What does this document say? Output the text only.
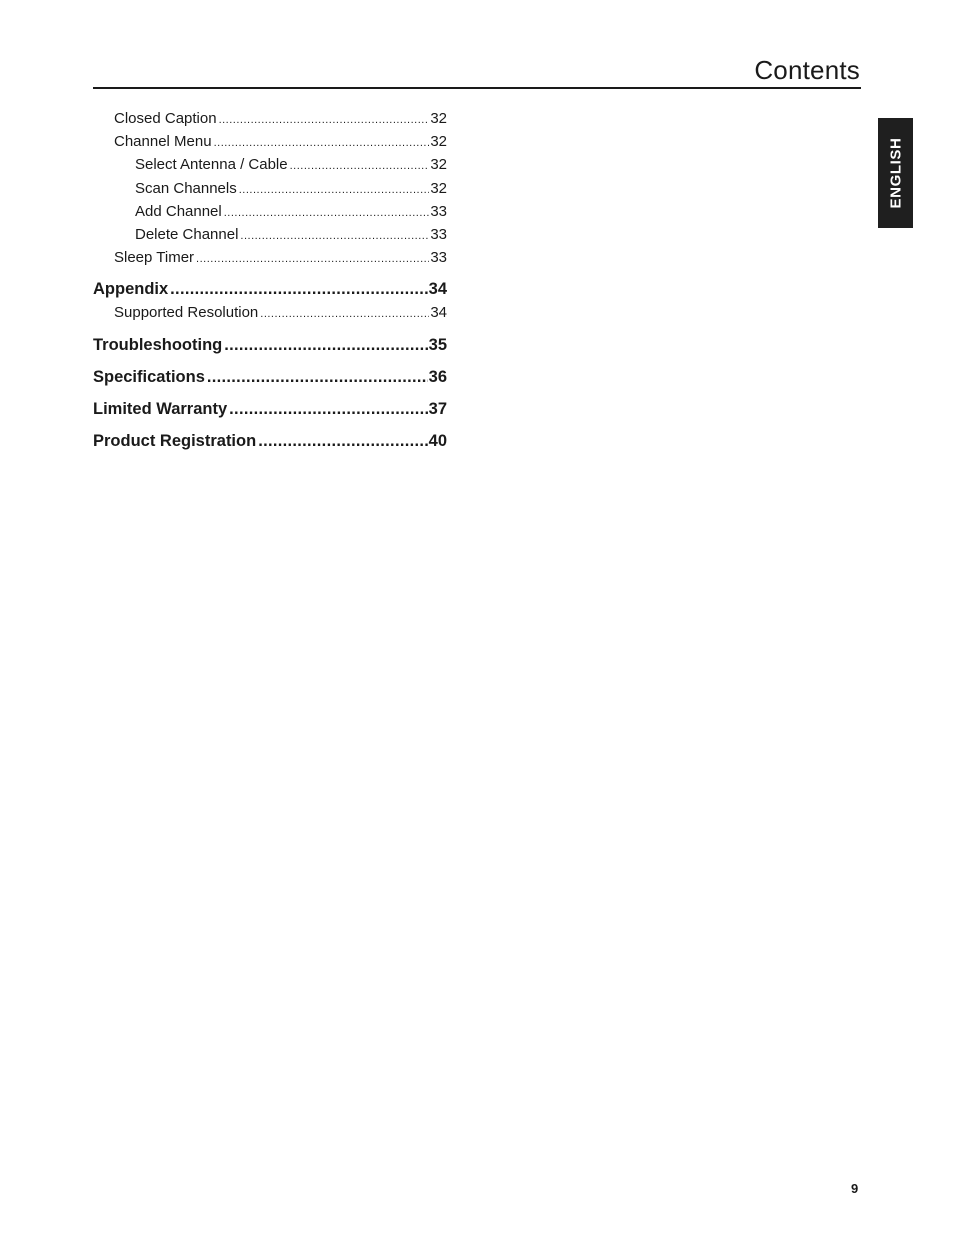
Contents
ENGLISH
Closed Caption .....	32
Channel Menu .....	32
Select Antenna / Cable .....	32
Scan Channels .....	32
Add Channel .....	33
Delete Channel .....	33
Sleep Timer .....	33
Appendix .....	34
Supported Resolution .....	34
Troubleshooting .....	35
Specifications .....	36
Limited Warranty .....	37
Product Registration .....	40
9
